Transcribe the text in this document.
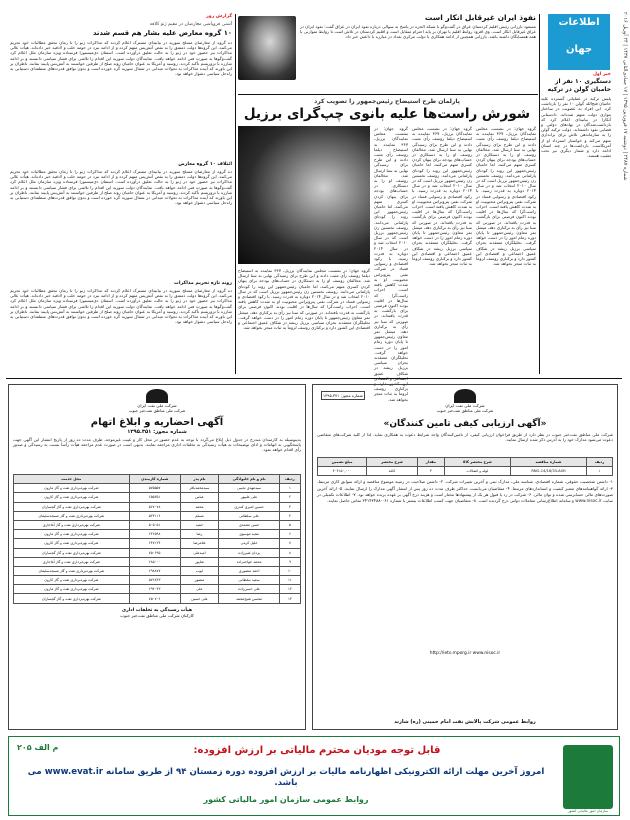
شماره ۲۴۸۷ | دوشنبه ۱۷ فروردین ۱۳۹۵ | ۱۷ جمادی‌الثانی ۱۴۳۷ | ۲۴ آوریل ۲۰۱۶
اطلاعات
جهان
خبر اول
دستگیری ۱۰ نفر از حامیان گولن در ترکیه
پلیس ترکیه در عملیاتی گسترده علیه حامیان فتح‌الله گولن ۱۰ نفر را بازداشت کرد. این افراد به عضویت در ساختار موازی دولت متهم شده‌اند. دادستانی آنکارا در بیانیه‌ای اعلام کرد که بازداشت‌شدگان در نهادهای دولتی و قضایی نفوذ داشته‌اند. دولت ترکیه گولن را به سازماندهی تلاش برای براندازی متهم می‌کند و خواستار استرداد او از آمریکاست. بازداشت‌ها در چند استان ادامه دارد و شمار دیگری نیز تحت تعقیب هستند.
نفوذ ایران غیرقابل انکار است
مسعود بارزانی رئیس اقلیم کردستان عراق در گفت‌وگو با شبکه الحره در پاسخ به سوالی درباره نفوذ ایران در عراق گفت: نفوذ ایران در عراق غیرقابل انکار است. وی افزود روابط اقلیم با تهران بر پایه احترام متقابل است و اقلیم کردستان در تلاش است تا روابط متوازنی با همه همسایگان داشته باشد. بارزانی همچنین از ادامه همکاری با دولت مرکزی بغداد در مبارزه با داعش خبر داد.
پارلمان طرح استیضاح رئیس‌جمهور را تصویب کرد
شورش راست‌ها علیه بانوی چپ‌گرای برزیل
گروه جهان: در نشست مجلس نمایندگان برزیل، ۳۶۷ نماینده به استیضاح دیلما روسف رأی مثبت دادند و این طرح برای رسیدگی نهایی به سنا ارسال شد. مخالفان روسف او را به دستکاری در حساب‌های بودجه برای پنهان کردن کسری متهم می‌کنند، اما حامیان رئیس‌جمهور این روند را کودتای پارلمانی می‌دانند. روسف نخستین زن رئیس‌جمهور برزیل است که در سال ۲۰۱۰ انتخاب شد و در سال ۲۰۱۴ دوباره به قدرت رسید. با رکود اقتصادی و رسوایی فساد در شرکت نفتی پتروبراس محبوبیت او به شدت کاهش یافته است. احزاب راست‌گرا که سال‌ها در اقلیت بودند اکنون فرصتی برای بازگشت به قدرت یافته‌اند. در صورتی که سنا نیز رأی به برکناری دهد، میشل تمر معاون رئیس‌جمهور تا پایان دوره زمام امور را در دست خواهد گرفت. تحلیلگران معتقدند بحران سیاسی برزیل ریشه در شکاف عمیق اجتماعی و اقتصادی این کشور دارد و برکناری روسف لزوماً به ثبات منجر نخواهد شد.
گروه جهان: در نشست مجلس نمایندگان برزیل، ۳۶۷ نماینده به استیضاح دیلما روسف رأی مثبت دادند و این طرح برای رسیدگی نهایی به سنا ارسال شد. مخالفان روسف او را به دستکاری در حساب‌های بودجه برای پنهان کردن کسری متهم می‌کنند، اما حامیان رئیس‌جمهور این روند را کودتای پارلمانی می‌دانند. روسف نخستین زن رئیس‌جمهور برزیل است که در سال ۲۰۱۰ انتخاب شد و در سال ۲۰۱۴ دوباره به قدرت رسید. با رکود اقتصادی و رسوایی فساد در شرکت نفتی پتروبراس محبوبیت او به شدت کاهش یافته است. احزاب راست‌گرا که سال‌ها در اقلیت بودند اکنون فرصتی برای بازگشت به قدرت یافته‌اند. در صورتی که سنا نیز رأی به برکناری دهد، میشل تمر معاون رئیس‌جمهور تا پایان دوره زمام امور را در دست خواهد گرفت. تحلیلگران معتقدند بحران سیاسی برزیل ریشه در شکاف عمیق اجتماعی و اقتصادی این کشور دارد و برکناری روسف لزوماً به ثبات منجر نخواهد شد.
گروه جهان: در نشست مجلس نمایندگان برزیل، ۳۶۷ نماینده به استیضاح دیلما روسف رأی مثبت دادند و این طرح برای رسیدگی نهایی به سنا ارسال شد. مخالفان روسف او را به دستکاری در حساب‌های بودجه برای پنهان کردن کسری متهم می‌کنند، اما حامیان رئیس‌جمهور این روند را کودتای پارلمانی می‌دانند. روسف نخستین زن رئیس‌جمهور برزیل است که در سال ۲۰۱۰ انتخاب شد و در سال ۲۰۱۴ دوباره به قدرت رسید. با رکود اقتصادی و رسوایی فساد در شرکت نفتی پتروبراس محبوبیت او به شدت کاهش یافته است. احزاب راست‌گرا که سال‌ها در اقلیت بودند اکنون فرصتی برای بازگشت به قدرت یافته‌اند. در صورتی که سنا نیز رأی به برکناری دهد، میشل تمر معاون رئیس‌جمهور تا پایان دوره زمام امور را در دست خواهد گرفت. تحلیلگران معتقدند بحران سیاسی برزیل ریشه در شکاف عمیق این کشور دارد و برکناری روسف لزوماً به ثبات منجر نخواهد شد.
گروه جهان: در نشست مجلس نمایندگان برزیل، ۳۶۷ نماینده به استیضاح دیلما روسف رأی مثبت دادند و این طرح برای رسیدگی نهایی به سنا ارسال شد. مخالفان روسف او را به دستکاری در حساب‌های بودجه برای پنهان کردن کسری متهم می‌کنند، اما حامیان رئیس‌جمهور این روند را کودتای پارلمانی می‌دانند. روسف نخستین زن رئیس‌جمهور برزیل است که در سال ۲۰۱۰ انتخاب شد و در سال ۲۰۱۴ دوباره به قدرت رسید. با رکود اقتصادی و رسوایی فساد در شرکت نفتی پتروبراس محبوبیت او به شدت کاهش یافته است. احزاب راست‌گرا که سال‌ها در اقلیت بودند اکنون فرصتی برای بازگشت به قدرت یافته‌اند. در صورتی که سنا نیز رأی به برکناری دهد، میشل تمر معاون رئیس‌جمهور تا پایان دوره زمام امور را در دست خواهد گرفت. تحلیلگران معتقدند بحران سیاسی برزیل ریشه در شکاف عمیق اجتماعی و اقتصادی این کشور دارد و برکناری روسف لزوماً به ثبات منجر نخواهد شد.
گزارش روز
آشتی فروپاشی معارضان در مقیم ژنو کلافه
۱۰ گروه معارض علیه بشار هم قسم شدند
ده گروه از معارضان مسلح سوریه در بیانیه‌ای مشترک اعلام کردند که مذاکرات ژنو را تا زمان تحقق مطالبات خود تحریم می‌کنند. این گروه‌ها دولت دمشق را به نقض آتش‌بس متهم کرده و از ادامه نبرد در حومه حلب و لاذقیه خبر داده‌اند. هیأت عالی مذاکرات نیز حضور خود در ژنو را به حالت تعلیق درآورده است. استفان دی‌میستورا فرستاده ویژه سازمان ملل اعلام کرد گفت‌وگوها به صورت فنی ادامه خواهد یافت. نمایندگان دولت سوریه این اقدام را تلاشی برای فشار سیاسی دانستند و بر ادامه مبارزه با تروریسم تأکید کردند. روسیه و آمریکا به عنوان حامیان روند صلح از طرفین خواستند به آتش‌بس پایبند بمانند. ناظران بر این باورند که آینده مذاکرات به تحولات میدانی در شمال سوریه گره خورده است و بدون توافق قدرت‌های منطقه‌ای دستیابی به راه‌حل سیاسی دشوار خواهد بود.
ائتلاف ۱۰ گروه معارض
ده گروه از معارضان مسلح سوریه در بیانیه‌ای مشترک اعلام کردند که مذاکرات ژنو را تا زمان تحقق مطالبات خود تحریم می‌کنند. این گروه‌ها دولت دمشق را به نقض آتش‌بس متهم کرده و از ادامه نبرد در حومه حلب و لاذقیه خبر داده‌اند. هیأت عالی مذاکرات نیز حضور خود در ژنو را به حالت تعلیق درآورده است. استفان دی‌میستورا فرستاده ویژه سازمان ملل اعلام کرد گفت‌وگوها به صورت فنی ادامه خواهد یافت. نمایندگان دولت سوریه این اقدام را تلاشی برای فشار سیاسی دانستند و بر ادامه مبارزه با تروریسم تأکید کردند. روسیه و آمریکا به عنوان حامیان روند صلح از طرفین خواستند به آتش‌بس پایبند بمانند. ناظران بر این باورند که آینده مذاکرات به تحولات میدانی در شمال سوریه گره خورده است و بدون توافق قدرت‌های منطقه‌ای دستیابی به راه‌حل سیاسی دشوار خواهد بود.
روند تازه تحریم مذاکرات
ده گروه از معارضان مسلح سوریه در بیانیه‌ای مشترک اعلام کردند که مذاکرات ژنو را تا زمان تحقق مطالبات خود تحریم می‌کنند. این گروه‌ها دولت دمشق را به نقض آتش‌بس متهم کرده و از ادامه نبرد در حومه حلب و لاذقیه خبر داده‌اند. هیأت عالی مذاکرات نیز حضور خود در ژنو را به حالت تعلیق درآورده است. استفان دی‌میستورا فرستاده ویژه سازمان ملل اعلام کرد گفت‌وگوها به صورت فنی ادامه خواهد یافت. نمایندگان دولت سوریه این اقدام را تلاشی برای فشار سیاسی دانستند و بر ادامه مبارزه با تروریسم تأکید کردند. روسیه و آمریکا به عنوان حامیان روند صلح از طرفین خواستند به آتش‌بس پایبند بمانند. ناظران بر این باورند که آینده مذاکرات به تحولات میدانی در شمال سوریه گره خورده است و بدون توافق قدرت‌های منطقه‌ای دستیابی به راه‌حل سیاسی دشوار خواهد بود.
شرکت ملی نفت ایران
شرکت ملی مناطق نفت‌خیز جنوب
شماره مجوز: ۱۳۹۵.۳۷۱
«آگهی ارزیابی کیفی تامین کنندگان»
شرکت ملی مناطق نفت‌خیز جنوب در نظر دارد از طریق فراخوان ارزیابی کیفی، از تامین‌کنندگان واجد شرایط دعوت به همکاری نماید. لذا از کلیه شرکت‌های متقاضی دعوت می‌شود مدارک خود را به آدرس ذکر شده ارسال نمایند.
ردیف	شماره مناقصه	شرح مختصر کالا	مقدار	شرح مختصر	مبلغ تضمین
۱	RNO-14/16/33-ASH	لوله و اتصالات	۳	کاغذ	۴۰۴۱۵۰,۰۰۰
۱- داشتن شخصیت حقوقی، شماره اقتصادی، شناسه ملی، مدارک ثبتی و آخرین تغییرات شرکت. ۲- داشتن صلاحیت در زمینه موضوع مناقصه و ارائه سوابق کاری مرتبط. ۳- ارائه گواهینامه‌های معتبر کیفیت و استانداردهای مرتبط. ۴- متقاضیان می‌بایست حداکثر ظرف مدت ده روز پس از انتشار آگهی مدارک را ارسال نمایند. ۵- ارائه آخرین صورت‌های مالی حسابرسی شده و توان مالی. ۶- شرکت در رد یا قبول هر یک از پیشنهادها مختار است و هزینه درج آگهی بر عهده برنده خواهد بود. ۷- اطلاعات تکمیلی در سایت www.nisoc.ir و سامانه اطلاع‌رسانی معاملات دولتی درج گردیده است. ۸- متقاضیان جهت کسب اطلاعات بیشتر با شماره ۰۶۱-۳۴۱۴۳۴۸۸ تماس حاصل نمایند.
http://iets.mporg.ir www.nisoc.ir
روابط عمومی شرکت پالایش نفت امام خمینی (ره) شازند
شرکت ملی نفت ایران
شرکت ملی مناطق نفت‌خیز جنوب
آگهی احضاریه و ابلاغ اتهام
شماره مجوز: ۱۳۹۵.۳۵۱
بدینوسیله به کارمندان مندرج در جدول ذیل ابلاغ می‌گردد با توجه به عدم حضور در محل کار و غیبت غیرموجه، ظرف مدت ده روز از تاریخ انتشار این آگهی جهت پاسخگویی به اتهامات و ادای توضیحات به هیأت رسیدگی به تخلفات اداری مراجعه نمایند. بدیهی است در صورت عدم مراجعه هیأت رأساً نسبت به رسیدگی و صدور رأی اقدام خواهد نمود.
ردیف	نام و نام خانوادگی	نام پدر	شماره کارمندی	محل خدمت
۱	سیدمهدی نجیبی	سیدمحمدباقر	۵۷۵۵۵۷	شرکت بهره‌برداری نفت و گاز مارون
۲	علی علیپور	عباس	۶۵۵۲۵۱	شرکت بهره‌برداری نفت و گاز کارون
۳	حسین امیری کندری	محمد	۵۶۷۰۷۸	شرکت بهره‌برداری نفت و گاز گچساران
۴	علی سلطانی	مسلم	۵۲۳۱۱۶	شرکت بهره‌برداری نفت و گاز مسجدسلیمان
۵	حسن محمدی	حمید	۵۰۵۰۵۱	شرکت بهره‌برداری نفت و گاز آغاجاری
۶	مجید موسوی	رضا	۶۴۶۵۹۸	شرکت بهره‌برداری نفت و گاز مارون
۷	خلیل کرمی	غلامرضا	۶۴۷۱۲۴	شرکت بهره‌برداری نفت و گاز کارون
۸	یزدان شیرزاده	امیدعلی	۷۵۰۶۹۵	شرکت بهره‌برداری نفت و گاز گچساران
۹	محمد خواجه‌زاده	شاپور	۶۸۵۰۰۰	شرکت بهره‌برداری نفت و گاز آغاجاری
۱۰	احمد منصوری	ایوب	۶۹۸۸۷۷	شرکت بهره‌برداری نفت و گاز مسجدسلیمان
۱۱	سعید سلطانی	منصور	۵۷۶۸۴۳	شرکت بهره‌برداری نفت و گاز کارون
۱۲	علی حسن‌زاده	علی	۶۹۴۰۴۳	شرکت بهره‌برداری نفت و گاز مارون
۱۳	محسن شیخ‌محمد	علی حسین	۷۵۰۷۰۶	شرکت بهره‌برداری نفت و گاز گچساران
هیأت رسیدگی به تخلفات اداری
کارکنان شرکت ملی مناطق نفت‌خیز جنوب
سازمان امور مالیاتی کشور
م الف ۲۰۵	قابل توجه مودیان محترم مالیاتی بر ارزش افزوده:
امروز آخرین مهلت ارائه الکترونیکی اظهارنامه مالیات بر ارزش افزوده دوره زمستان ۹۴ از طریق سامانه www.evat.ir می باشد.
روابط عمومی سازمان امور مالیاتی کشور
